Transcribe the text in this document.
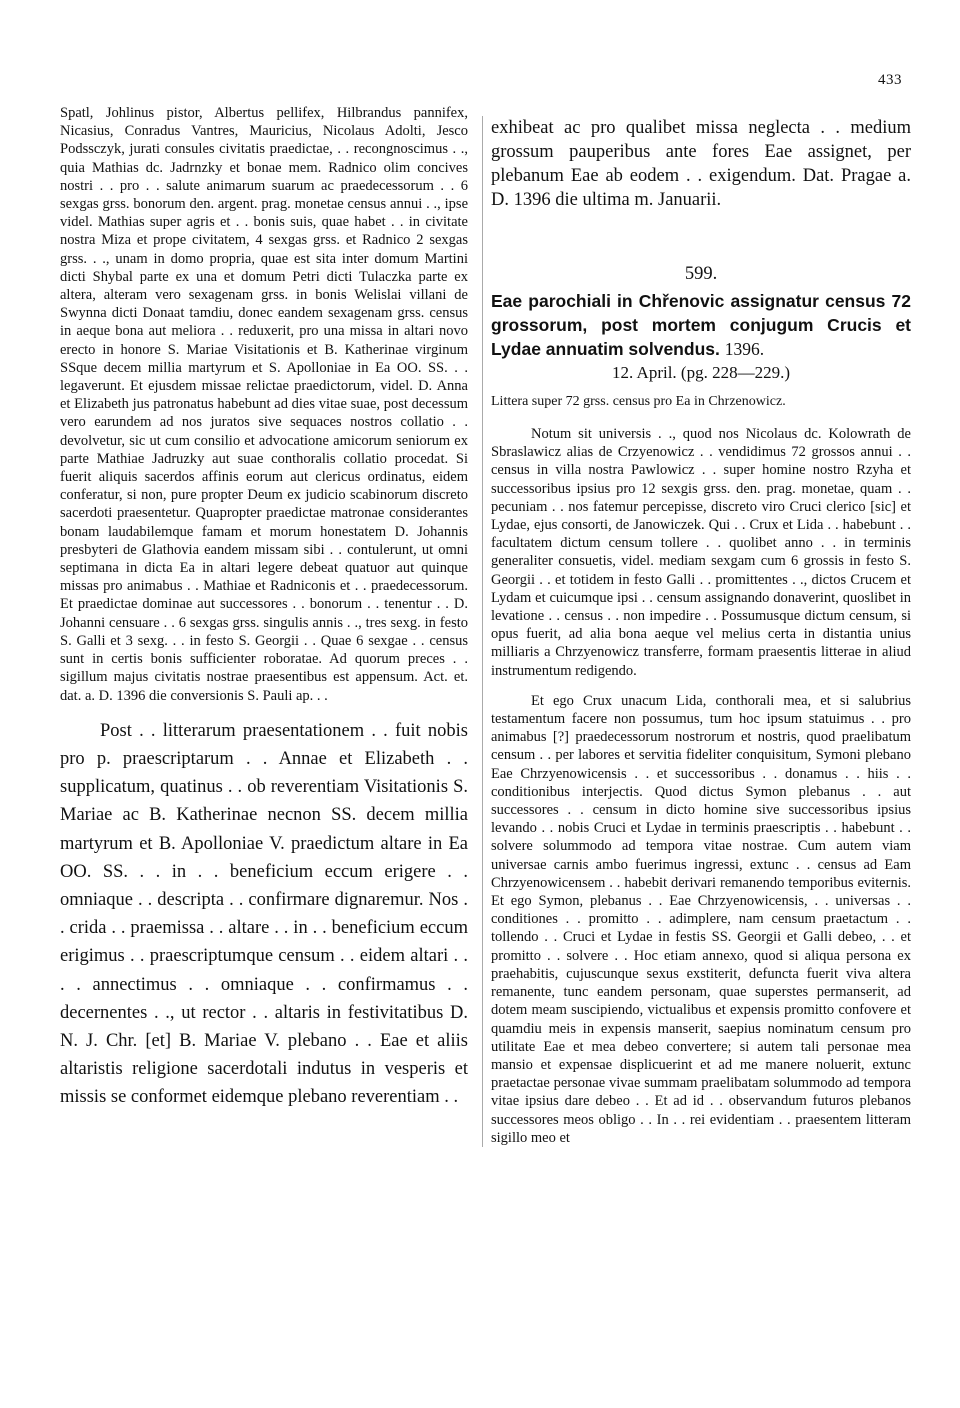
433

Spatl, Johlinus pistor, Albertus pellifex, Hilbrandus pannifex, Nicasius, Conradus Vantres, Mauricius, Nicolaus Adolti, Jesco Podssczyk, jurati consules civitatis praedictae, . . recongnoscimus . ., quia Mathias dc. Jadrnzky et bonae mem. Radnico olim concives nostri . . pro . . salute animarum suarum ac praedecessorum . . 6 sexgas grss. bonorum den. argent. prag. monetae census annui . ., ipse videl. Mathias super agris et . . bonis suis, quae habet . . in civitate nostra Miza et prope civitatem, 4 sexgas grss. et Radnico 2 sexgas grss. . ., unam in domo propria, quae est sita inter domum Martini dicti Shybal parte ex una et domum Petri dicti Tulaczka parte ex altera, alteram vero sexagenam grss. in bonis Welislai villani de Swynna dicti Donaat tamdiu, donec eandem sexagenam grss. census in aeque bona aut meliora . . reduxerit, pro una missa in altari novo erecto in honore S. Mariae Visitationis et B. Katherinae virginum SSque decem millia martyrum et S. Apolloniae in Ea OO. SS. . . legaverunt. Et ejusdem missae relictae praedictorum, videl. D. Anna et Elizabeth jus patronatus habebunt ad dies vitae suae, post decessum vero earundem ad nos juratos sive sequaces nostros collatio . . devolvetur, sic ut cum consilio et advocatione amicorum seniorum ex parte Mathiae Jadruzky aut suae conthoralis collatio procedat. Si fuerit aliquis sacerdos affinis eorum aut clericus ordinatus, eidem conferatur, si non, pure propter Deum ex judicio scabinorum discreto sacerdoti praesentetur. Quapropter praedictae matronae considerantes bonam laudabilemque famam et morum honestatem D. Johannis presbyteri de Glathovia eandem missam sibi . . contulerunt, ut omni septimana in dicta Ea in altari legere debeat quatuor aut quinque missas pro animabus . . Mathiae et Radniconis et . . praedecessorum. Et praedictae dominae aut successores . . bonorum . . tenentur . . D. Johanni censuare . . 6 sexgas grss. singulis annis . ., tres sexg. in festo S. Galli et 3 sexg. . . in festo S. Georgii . . Quae 6 sexgae . . census sunt in certis bonis sufficienter roboratae. Ad quorum preces . . sigillum majus civitatis nostrae praesentibus est appensum. Act. et. dat. a. D. 1396 die conversionis S. Pauli ap. . .

Post . . litterarum praesentationem . . fuit nobis pro p. praescriptarum . . Annae et Elizabeth . . supplicatum, quatinus . . ob reverentiam Visitationis S. Mariae ac B. Katherinae necnon SS. decem millia martyrum et B. Apolloniae V. praedictum altare in Ea OO. SS. . . in . . beneficium eccum erigere . . omniaque . . descripta . . confirmare dignaremur. Nos . . crida . . praemissa . . altare . . in . . beneficium eccum erigimus . . praescriptumque censum . . eidem altari . . . . annectimus . . omniaque . . confirmamus . . decernentes . ., ut rector . . altaris in festivitatibus D. N. J. Chr. [et] B. Mariae V. plebano . . Eae et aliis altaristis religione sacerdotali indutus in vesperis et missis se conformet eidemque plebano reverentiam . .

exhibeat ac pro qualibet missa neglecta . . medium grossum pauperibus ante fores Eae assignet, per plebanum Eae ab eodem . . exigendum. Dat. Pragae a. D. 1396 die ultima m. Januarii.

599.

Eae parochiali in Chřenovic assignatur census 72 grossorum, post mortem conjugum Crucis et Lydae annuatim solvendus. 1396.

12. April. (pg. 228—229.)

Littera super 72 grss. census pro Ea in Chrzenowicz.

Notum sit universis . ., quod nos Nicolaus dc. Kolowrath de Sbraslawicz alias de Crzyenowicz . . vendidimus 72 grossos annui . . census in villa nostra Pawlowicz . . super homine nostro Rzyha et successoribus ipsius pro 12 sexgis grss. den. prag. monetae, quam . . pecuniam . . nos fatemur percepisse, discreto viro Cruci clerico [sic] et Lydae, ejus consorti, de Janowiczek. Qui . . Crux et Lida . . habebunt . . facultatem dictum censum tollere . . quolibet anno . . in terminis generaliter consuetis, videl. mediam sexgam cum 6 grossis in festo S. Georgii . . et totidem in festo Galli . . promittentes . ., dictos Crucem et Lydam et cuicumque ipsi . . censum assignando donaverint, quoslibet in levatione . . census . . non impedire . . Possumusque dictum censum, si opus fuerit, ad alia bona aeque vel melius certa in distantia unius milliaris a Chrzyenowicz transferre, formam praesentis litterae in aliud instrumentum redigendo.

Et ego Crux unacum Lida, conthorali mea, et si salubrius testamentum facere non possumus, tum hoc ipsum statuimus . . pro animabus [?] praedecessorum nostrorum et nostris, quod praelibatum censum . . per labores et servitia fideliter conquisitum, Symoni plebano Eae Chrzyenowicensis . . et successoribus . . donamus . . hiis . . conditionibus interjectis. Quod dictus Symon plebanus . . aut successores . . censum in dicto homine sive successoribus ipsius levando . . nobis Cruci et Lydae in terminis praescriptis . . habebunt . . solvere solummodo ad tempora vitae nostrae. Cum autem viam universae carnis ambo fuerimus ingressi, extunc . . census ad Eam Chrzyenowicensem . . habebit derivari remanendo temporibus eviternis. Et ego Symon, plebanus . . Eae Chrzyenowicensis, . . universas . . conditiones . . promitto . . adimplere, nam censum praetactum . . tollendo . . Cruci et Lydae in festis SS. Georgii et Galli debeo, . . et promitto . . solvere . . Hoc etiam annexo, quod si aliqua persona ex praehabitis, cujuscunque sexus exstiterit, defuncta fuerit viva altera remanente, tunc eandem personam, quae superstes permanserit, ad dotem meam suscipiendo, victualibus et expensis promitto confovere et quamdiu meis in expensis manserit, saepius nominatum censum pro utilitate Eae et mea debeo convertere; si autem tali personae mea mansio et expensae displicuerint et ad me manere noluerit, extunc praetactae personae vivae summam praelibatam solummodo ad tempora vitae ipsius dare debeo . . Et ad id . . observandum futuros plebanos successores meos obligo . . In . . rei evidentiam . . praesentem litteram sigillo meo et
